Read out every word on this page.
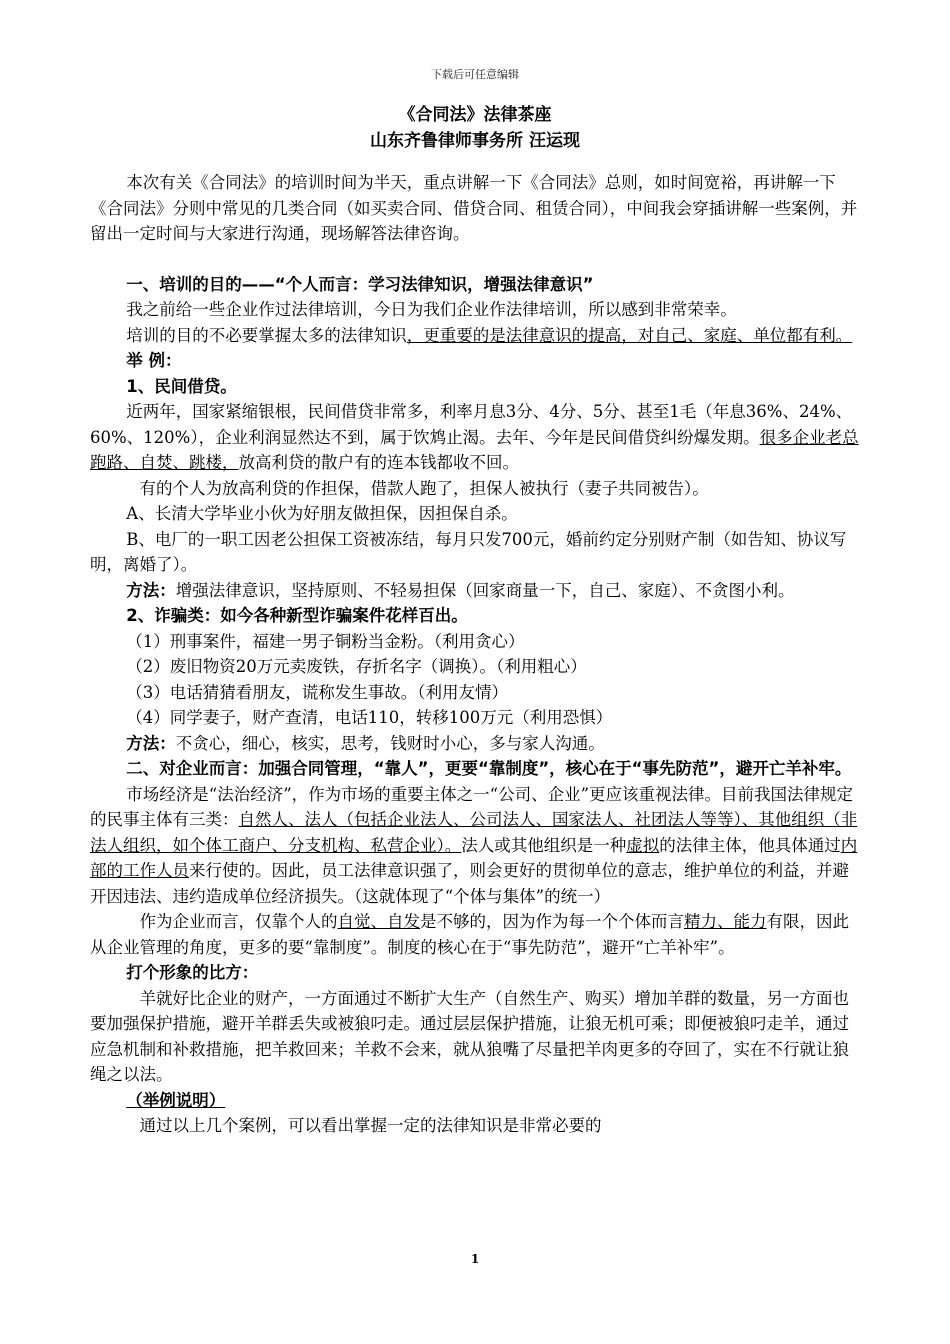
下载后可任意编辑
《合同法》法律茶座
山东齐鲁律师事务所 汪运现

本次有关《合同法》的培训时间为半天，重点讲解一下《合同法》总则，如时间宽裕，再讲解一下《合同法》分则中常见的几类合同（如买卖合同、借贷合同、租赁合同），中间我会穿插讲解一些案例，并留出一定时间与大家进行沟通，现场解答法律咨询。

一、培训的目的——“个人而言：学习法律知识，增强法律意识”

我之前给一些企业作过法律培训，今日为我们企业作法律培训，所以感到非常荣幸。

培训的目的不必要掌握太多的法律知识，更重要的是法律意识的提高，对自己、家庭、单位都有利。

举 例：

1、民间借贷。

近两年，国家紧缩银根，民间借贷非常多，利率月息3分、4分、5分、甚至1毛（年息36%、24%、60%、120%），企业利润显然达不到，属于饮鸩止渴。去年、今年是民间借贷纠纷爆发期。很多企业老总跑路、自焚、跳楼，放高利贷的散户有的连本钱都收不回。

有的个人为放高利贷的作担保，借款人跑了，担保人被执行（妻子共同被告）。

A、长清大学毕业小伙为好朋友做担保，因担保自杀。

B、电厂的一职工因老公担保工资被冻结，每月只发700元，婚前约定分别财产制（如告知、协议写明，离婚了）。

方法：增强法律意识，坚持原则、不轻易担保（回家商量一下，自己、家庭）、不贪图小利。

2、诈骗类：如今各种新型诈骗案件花样百出。

（1）刑事案件，福建一男子铜粉当金粉。（利用贪心）

（2）废旧物资20万元卖废铁，存折名字（调换）。（利用粗心）

（3）电话猜猜看朋友，谎称发生事故。（利用友情）

（4）同学妻子，财产查清，电话110，转移100万元（利用恐惧）

方法：不贪心，细心，核实，思考，钱财时小心，多与家人沟通。

二、对企业而言：加强合同管理，“靠人”，更要“靠制度”，核心在于“事先防范”，避开亡羊补牢。

市场经济是“法治经济”，作为市场的重要主体之一“公司、企业”更应该重视法律。目前我国法律规定的民事主体有三类：自然人、法人（包括企业法人、公司法人、国家法人、社团法人等等）、其他组织（非法人组织，如个体工商户、分支机构、私营企业）。法人或其他组织是一种虚拟的法律主体，他具体通过内部的工作人员来行使的。因此，员工法律意识强了，则会更好的贯彻单位的意志，维护单位的利益，并避开因违法、违约造成单位经济损失。（这就体现了“个体与集体”的统一）

作为企业而言，仅靠个人的自觉、自发是不够的，因为作为每一个个体而言精力、能力有限，因此从企业管理的角度，更多的要“靠制度”。制度的核心在于“事先防范”，避开“亡羊补牢”。

打个形象的比方：

羊就好比企业的财产，一方面通过不断扩大生产（自然生产、购买）增加羊群的数量，另一方面也要加强保护措施，避开羊群丢失或被狼叼走。通过层层保护措施，让狼无机可乘；即便被狼叼走羊，通过应急机制和补救措施，把羊救回来；羊救不会来，就从狼嘴了尽量把羊肉更多的夺回了，实在不行就让狼绳之以法。

（举例说明）

通过以上几个案例，可以看出掌握一定的法律知识是非常必要的

1
